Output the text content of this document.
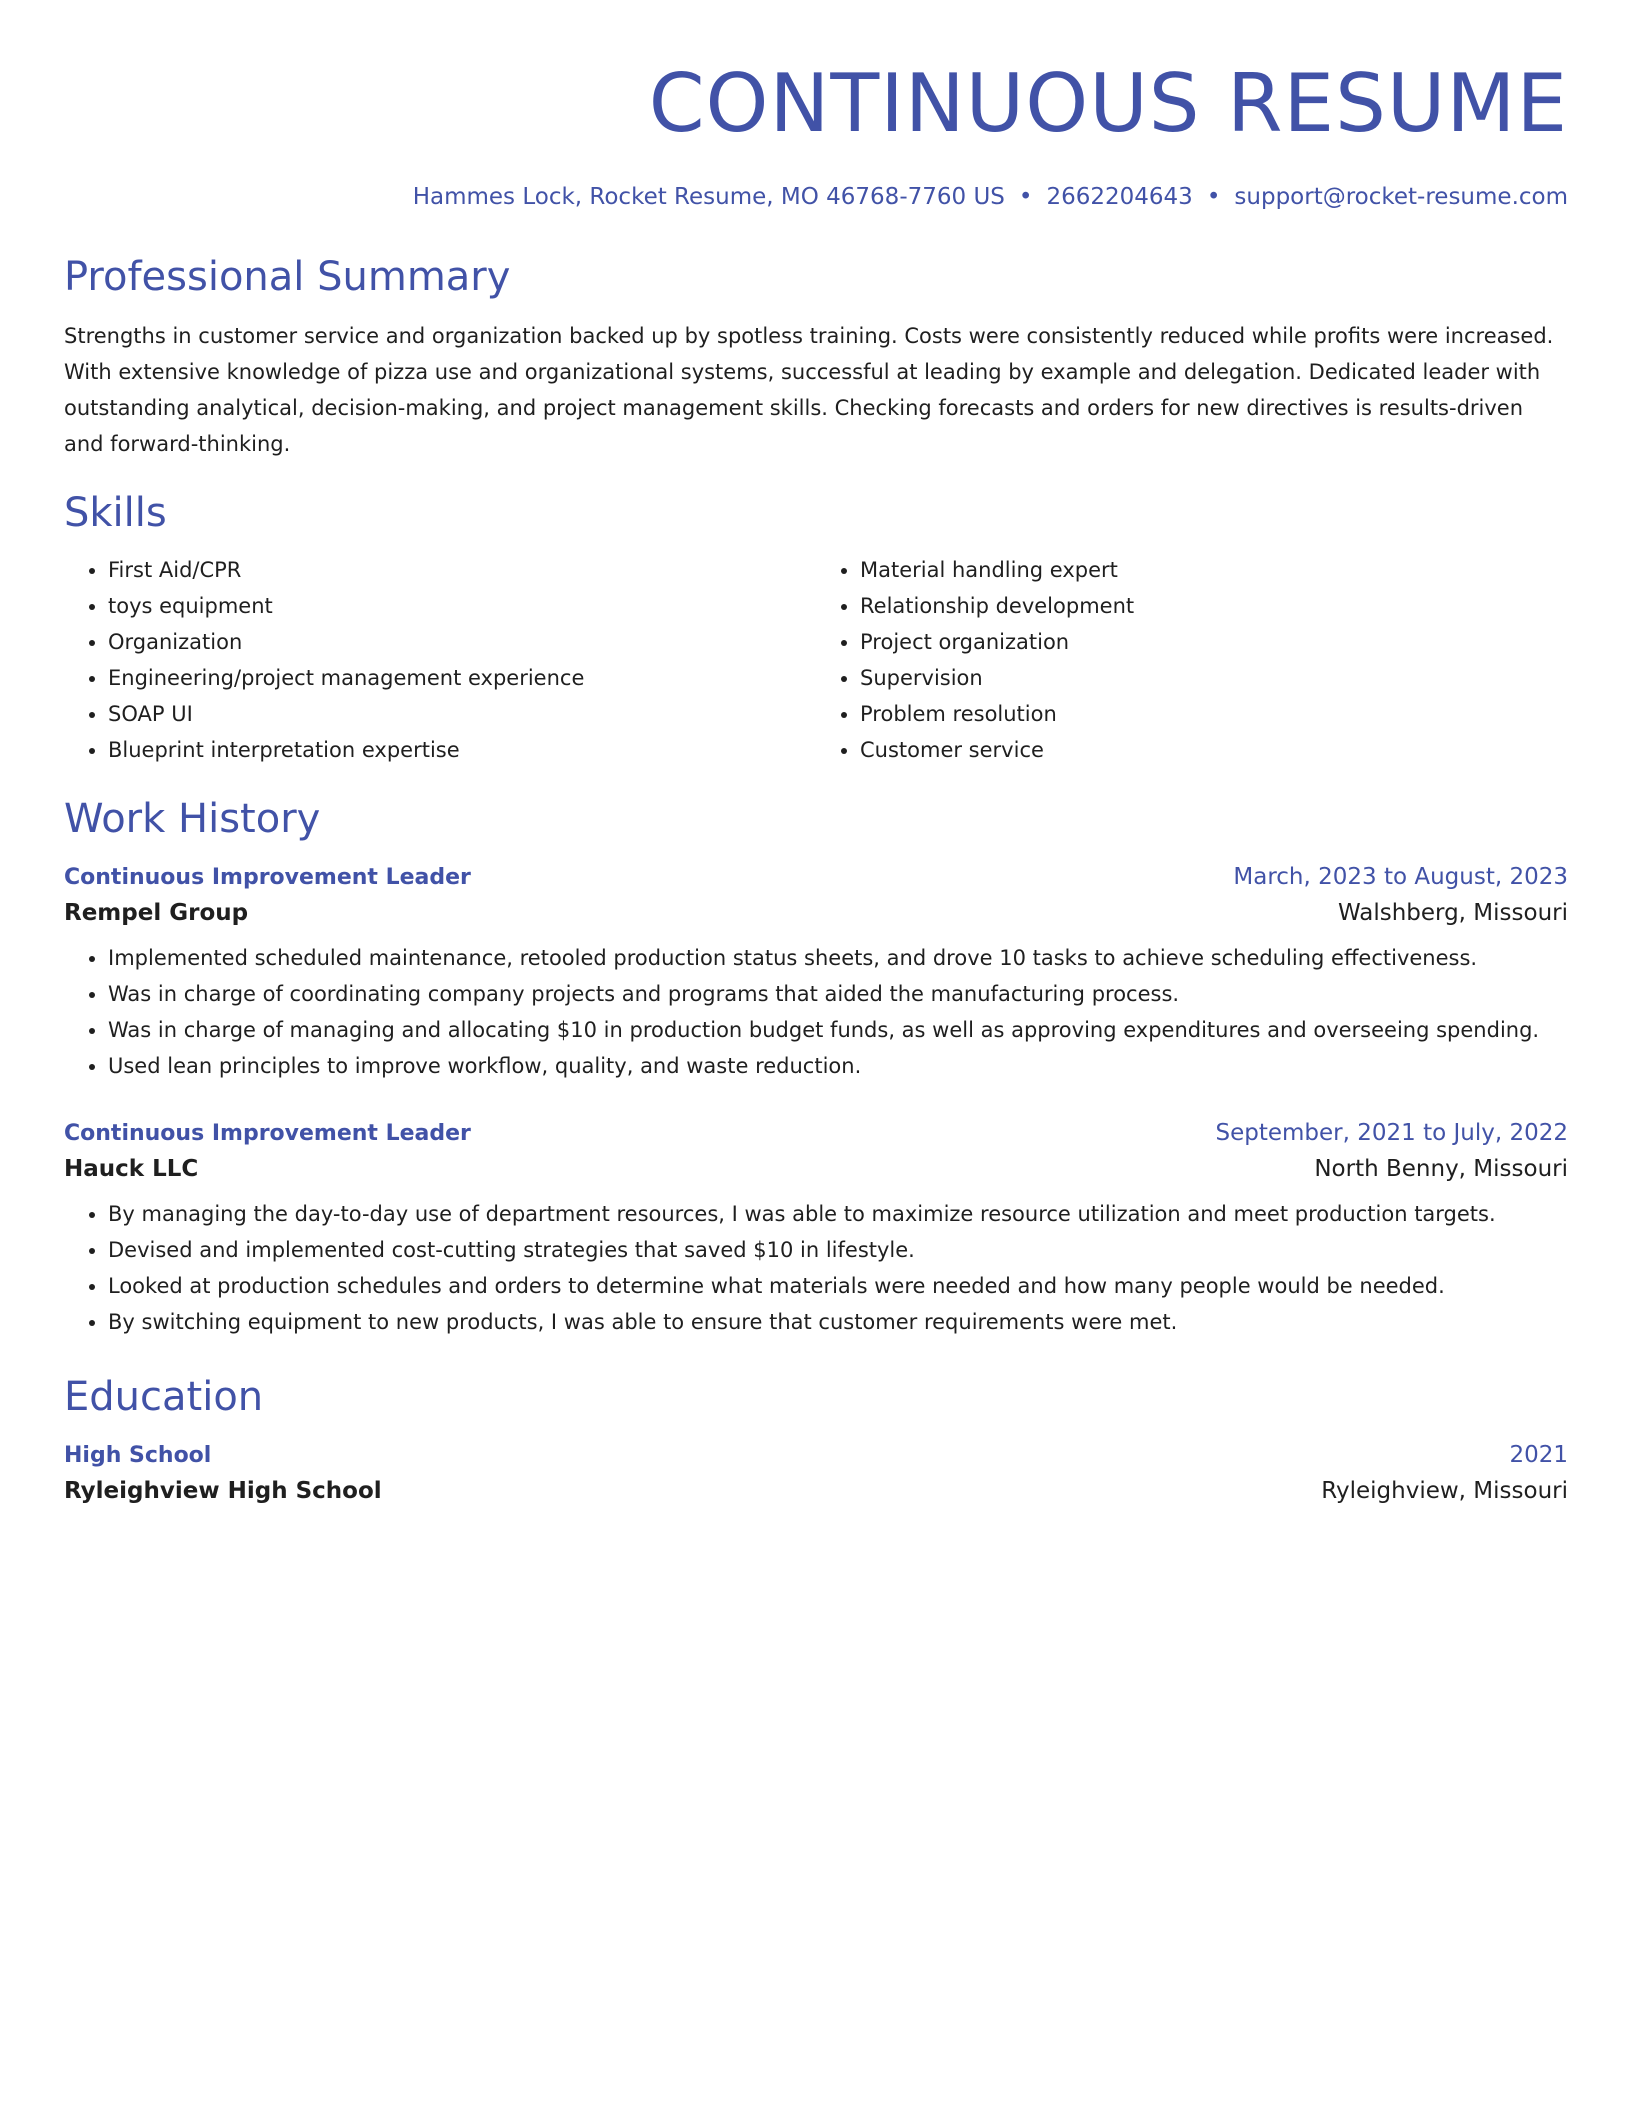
CONTINUOUS RESUME
Hammes Lock, Rocket Resume, MO 46768-7760 US • 2662204643 • support@rocket-resume.com
Professional Summary
Strengths in customer service and organization backed up by spotless training. Costs were consistently reduced while profits were increased. With extensive knowledge of pizza use and organizational systems, successful at leading by example and delegation. Dedicated leader with outstanding analytical, decision-making, and project management skills. Checking forecasts and orders for new directives is results-driven and forward-thinking.
Skills
• First Aid/CPR
• toys equipment
• Organization
• Engineering/project management experience
• SOAP UI
• Blueprint interpretation expertise
• Material handling expert
• Relationship development
• Project organization
• Supervision
• Problem resolution
• Customer service
Work History
Continuous Improvement Leader	March, 2023 to August, 2023
Rempel Group	Walshberg, Missouri
• Implemented scheduled maintenance, retooled production status sheets, and drove 10 tasks to achieve scheduling effectiveness.
• Was in charge of coordinating company projects and programs that aided the manufacturing process.
• Was in charge of managing and allocating $10 in production budget funds, as well as approving expenditures and overseeing spending.
• Used lean principles to improve workflow, quality, and waste reduction.
Continuous Improvement Leader	September, 2021 to July, 2022
Hauck LLC	North Benny, Missouri
• By managing the day-to-day use of department resources, I was able to maximize resource utilization and meet production targets.
• Devised and implemented cost-cutting strategies that saved $10 in lifestyle.
• Looked at production schedules and orders to determine what materials were needed and how many people would be needed.
• By switching equipment to new products, I was able to ensure that customer requirements were met.
Education
High School	2021
Ryleighview High School	Ryleighview, Missouri
